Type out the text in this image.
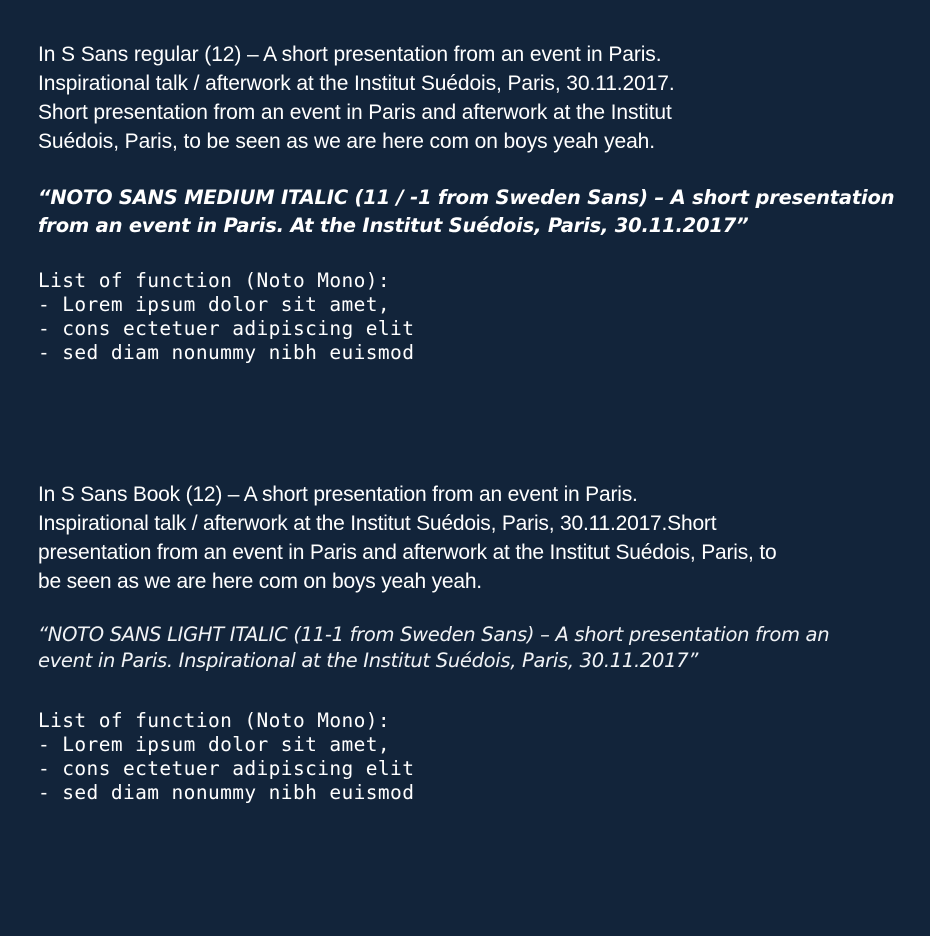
In S Sans regular (12) – A short presentation from an event in Paris.
Inspirational talk / afterwork at the Institut Suédois, Paris, 30.11.2017.
Short presentation from an event in Paris and afterwork at the Institut
Suédois, Paris, to be seen as we are here com on boys yeah yeah.

“NOTO SANS MEDIUM ITALIC (11 / -1 from Sweden Sans) – A short presentation
from an event in Paris. At the Institut Suédois, Paris, 30.11.2017”

List of function (Noto Mono):
- Lorem ipsum dolor sit amet,
- cons ectetuer adipiscing elit
- sed diam nonummy nibh euismod

In S Sans Book (12) – A short presentation from an event in Paris.
Inspirational talk / afterwork at the Institut Suédois, Paris, 30.11.2017.Short
presentation from an event in Paris and afterwork at the Institut Suédois, Paris, to
be seen as we are here com on boys yeah yeah.

“NOTO SANS LIGHT ITALIC (11-1 from Sweden Sans) – A short presentation from an
event in Paris. Inspirational at the Institut Suédois, Paris, 30.11.2017”

List of function (Noto Mono):
- Lorem ipsum dolor sit amet,
- cons ectetuer adipiscing elit
- sed diam nonummy nibh euismod
